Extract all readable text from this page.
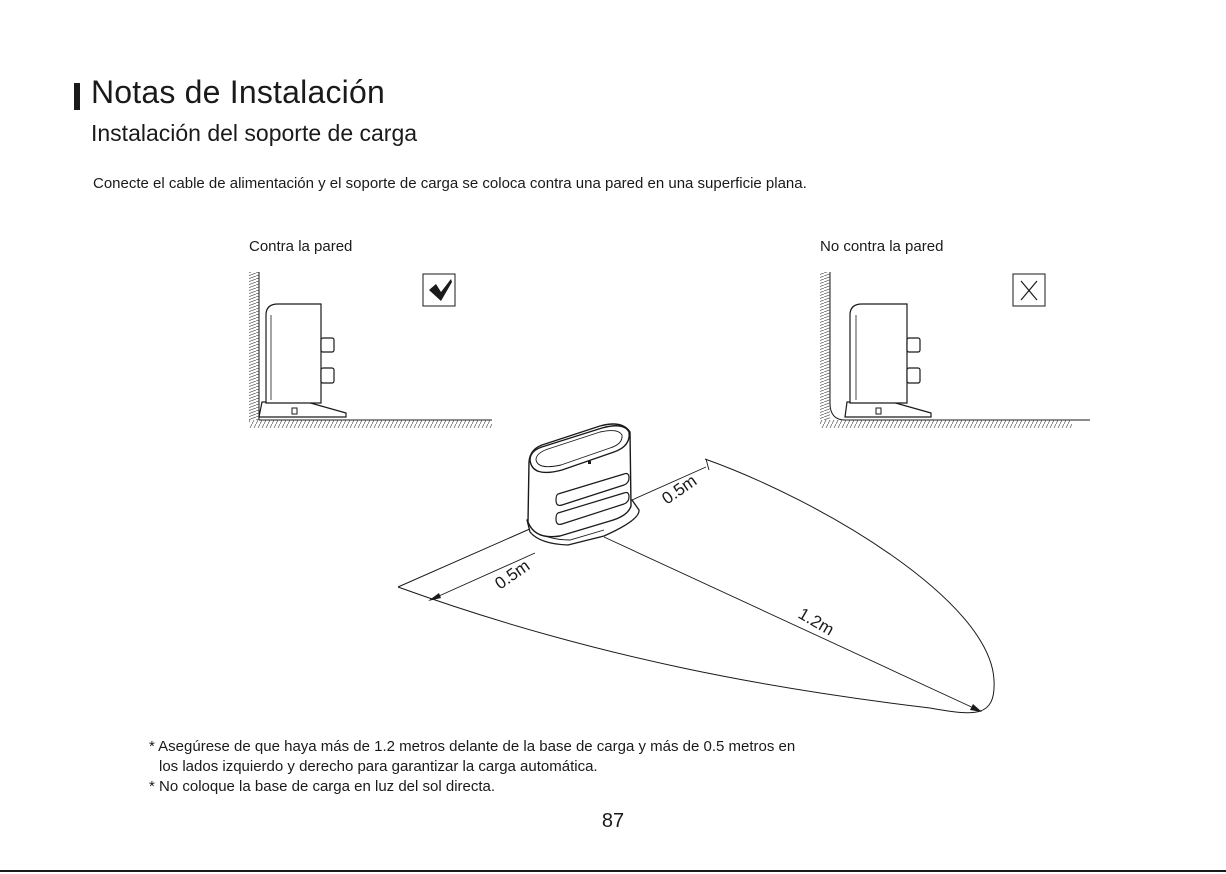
Notas de Instalación
Instalación del soporte de carga
Conecte el cable de alimentación y el soporte de carga se coloca contra una pared en una superficie plana.
Contra la pared	No contra la pared
0.5m
0.5m
1.2m
* Asegúrese de que haya más de 1.2 metros delante de la base de carga y más de 0.5 metros en
los lados izquierdo y derecho para garantizar la carga automática.
* No coloque la base de carga en luz del sol directa.
87
